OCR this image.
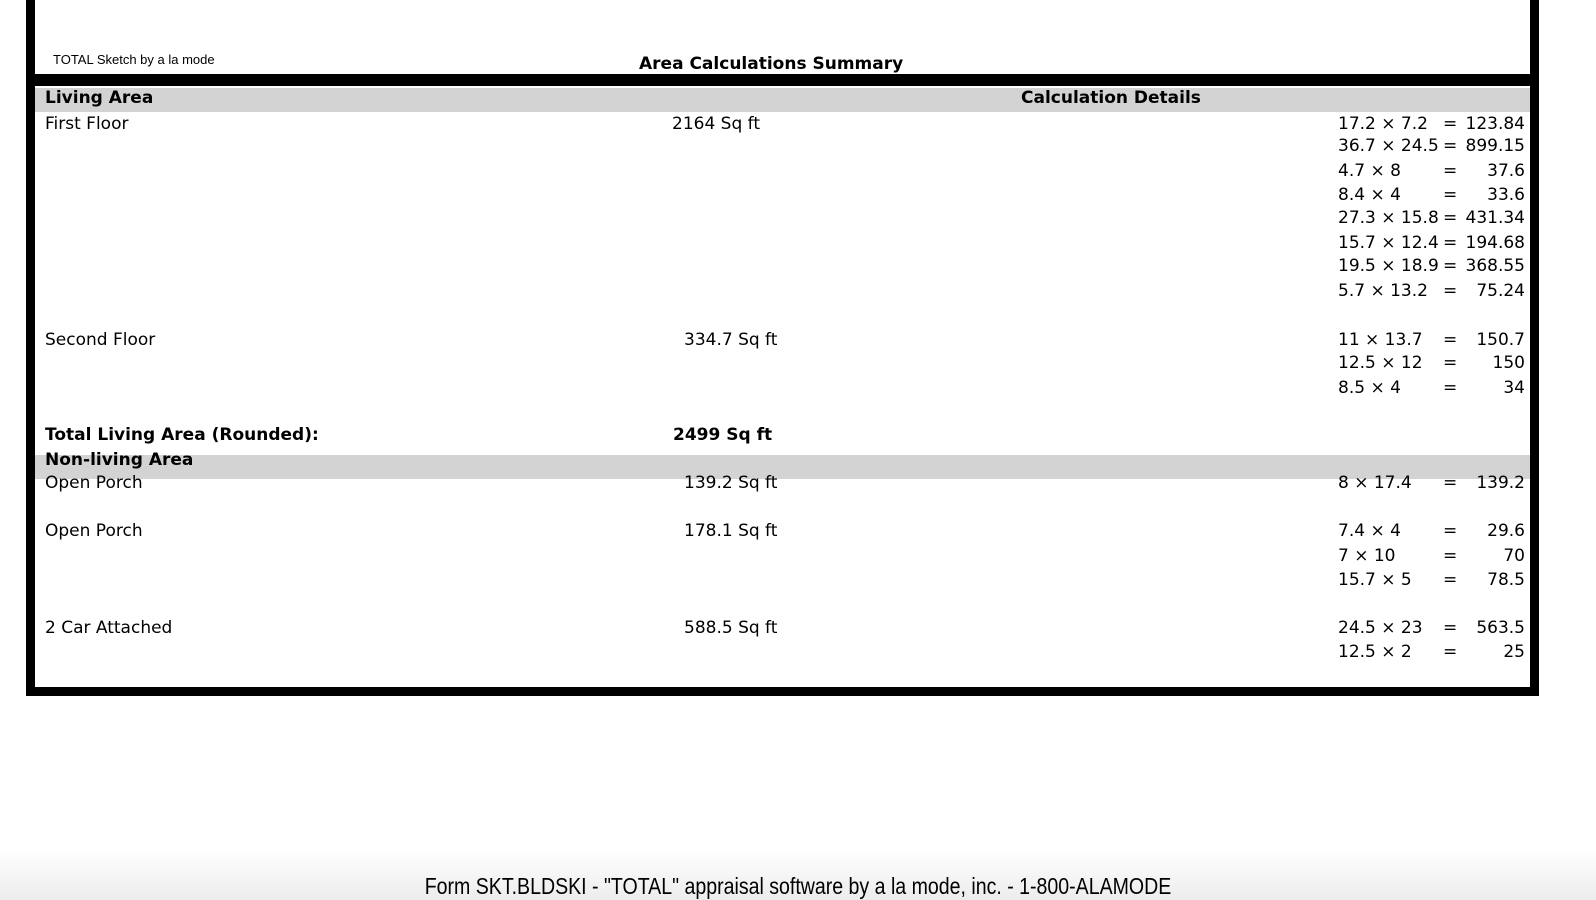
TOTAL Sketch by a la mode	Area Calculations Summary
Living Area	Calculation Details
First Floor	2164 Sq ft	17.2 × 7.2 = 123.84
36.7 × 24.5 = 899.15
4.7 × 8 = 37.6
8.4 × 4 = 33.6
27.3 × 15.8 = 431.34
15.7 × 12.4 = 194.68
19.5 × 18.9 = 368.55
5.7 × 13.2 = 75.24
Second Floor	334.7 Sq ft	11 × 13.7 = 150.7
12.5 × 12 = 150
8.5 × 4 =	34
Total Living Area (Rounded):	2499 Sq ft
Non-living Area
Open Porch	139.2 Sq ft	8 × 17.4 = 139.2
Open Porch	178.1 Sq ft	7.4 × 4 = 29.6
7 × 10	=	70
15.7 × 5 = 78.5
2 Car Attached	588.5 Sq ft	24.5 × 23 = 563.5
12.5 × 2 =	25
Form SKT.BLDSKI - "TOTAL" appraisal software by a la mode, inc. - 1-800-ALAMODE
